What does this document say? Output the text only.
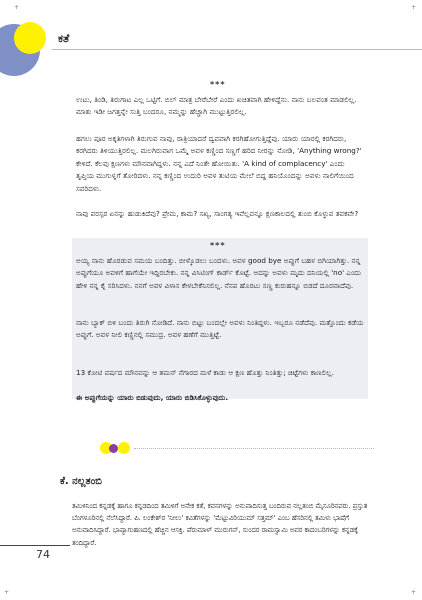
+	+
+	+
ಕತೆ
***

ಉಟು, ತಿಂಡಿ, ತಿರುಗಾಟ ಎಲ್ಲ ಒಟ್ಟಿಗೆ. ಬಿಲ್ ಮಾತ್ರ ಬೇರೆಬೇರೆ ಎಂದು ಖಚಿತವಾಗಿ ಹೇಳಿದ್ದೆನು. ನಾನು ಬಲವಂತ ಮಾಡಲಿಲ್ಲ. ಮಾತು ಇಡೀ ಜಗತ್ತನ್ನೇ ಸುತ್ತಿ ಬಂದರೂ, ನಮ್ಮನ್ನು ಹೆಚ್ಚಾಗಿ ಮುಟ್ಟುತ್ತಿರಲಿಲ್ಲ.

ಹಗಲು ಪೂರ ಅಕ್ಕತಿಗಳಾಗಿ ತಿರುಗುವ ನಾವು, ರಾತ್ರಿಯಾದರೆ ದ್ವವವಾಗಿ ಕರಗಿಹೋಗುತ್ತಿದ್ದೆವು. ಯಾರು ಯಾರಲ್ಲಿ ಕರಗಿದರು, ಕರಗಿದರು ತಿಳಿಯುತ್ತಿರಲಿಲ್ಲ. ಮಲಗಿರುವಾಗ ಒಮ್ಮೆ ಅವಳ ಕಣ್ಣಿಂದ ಸಣ್ಣಗೆ ಹರಿದ ನೀರನ್ನು ನೋಡಿ, 'Anything wrong?' ಕೇಳಿದೆ. ಕೆಲವು ಕ್ಷಣಗಳು ಮೌನವಾಗಿದ್ದಳು. ನನ್ನ ಎದೆ ನಿಂತೇ ಹೋಯಿತು. 'A kind of complacency' ಎಂದು ತೃಪ್ತಿಯ ಮುಗುಳ್ನಗೆ ತೋರಿದಳು. ನನ್ನ ಕಣ್ಣಿಂದ ಉದುರಿ ಅವಳ ತುಟಿಯ ಮೇಲೆ ಬಿದ್ದ ಹನಿಯೊಂದನ್ನು ಅವಳು ನಾಲಿಗೆಯಿಂದ ಸವರಿದಳು.

ನಾವು ಪರಸ್ಪರ ಏನನ್ನು ಹುಡುಕಿದೆವು? ಪ್ರೇಮ, ಕಾಮ? ಸಖ್ಯ, ಸಾಂಗತ್ಯ ಇವೆಲ್ಲವನ್ನೂ ಕ್ಷಣಕಾಲದಲ್ಲಿ ತುಂಬಿ ಕೊಳ್ಳುವ ತವಕವೇ?

***

ಅಯ್ಯ ನಾನು ಹೊರಡುವ ಸಮಯ ಬಂದಿತ್ತು. ಬೀಳ್ಕೊಡಲು ಬಂದಳು. ಅವಳ good bye ಅಪ್ಪುಗೆ ಬಹಳ ಬಿಗಿಯಾಗಿತ್ತು. ನನ್ನ ಅಪ್ಪುಗೆಯೂ ಅವಳಿಗೆ ಹಾಗೆಯೇ ಇದ್ದಿರಬೇಕು. ನನ್ನ ವಿಸಿಟಿಂಗ್ ಕಾರ್ಡ್ ಕೊಟ್ಟೆ. ಅದನ್ನು ಅವಳು ಮೃದು ದನಿಯಲ್ಲಿ 'no' ಎಂದು ಹೇಳಿ ನನ್ನ ಕೈ ಸರಿಸಿದಳು. ನನಗೆ ಅವಳ ವಿಳಾಸ ಕೇಳಬೇಕೆನಿಸಲಿಲ್ಲ. ನೆನಪ ಹೊರಟು ಸಣ್ಣ ಕುರುಹನ್ನೂ ಬಿಡದೆ ದೂರವಾದೆವು.

ನಾನು ಬ್ಯಾಕ್ ಬಿಳಿ ಬಂದು ತಿರುಗಿ ನೋಡಿದೆ. ನಾನು ಬಿಟ್ಟು ಬಂದಲ್ಲೇ ಅವಳು ನಿಂತಿದ್ದಳು. ಇಬ್ಬರೂ ನಡೆದೆವು. ಮತ್ತೊಂದು ಕಡೆಯ ಅಪ್ಪುಗೆ. ಅವಳ ನೀಲಿ ಕಣ್ಣಿನಲ್ಲಿ ಸಮುದ್ರ. ಅವಳ ಹಣೆಗೆ ಮುತ್ತಿಟ್ಟೆ.

13 ಕೋಟಿ ವರ್ಷದ ಮೌನವನ್ನು ಆ ತಮನ್ ನೆಗಾರದ ಮಳೆ ಕಾಡು ಆ ಕ್ಷಣ ಹೊತ್ತು ನಿಂತಿತ್ತು; ಚಿಟ್ಟೆಗಳು ಕಾಣಲಿಲ್ಲ.

ಈ ಅಪ್ಪುಗೆಯನ್ನು ಯಾರು ಬಿಡುವುದು, ಯಾರು ಬಿಡಿಸಿಕೊಳ್ಳುವುದು.

ಕೆ. ನಲ್ಲತಂಬಿ

ತಮಿಳಿನಿಂದ ಕನ್ನಡಕ್ಕೆ ಹಾಗೂ ಕನ್ನಡದಿಂದ ತಮಿಳಿಗೆ ಅನೇಕ ಕತೆ, ಕವನಗಳನ್ನು ಅನುವಾದಿಸುತ್ತ ಬಂದಿರುವ ನಲ್ಲತಂಬಿ ಮೈಸೂರಿನವರು. ಪ್ರಸ್ತುತ ಬೆಂಗಳೂರಿನಲ್ಲಿ ನೆಲೆಸಿದ್ದಾರೆ. ಪಿ. ಲಂಕೇಶ್‌ರ 'ನೀಲು' ಕವಿತೆಗಳನ್ನು 'ಮೆಟ್ಟುವಿರಿಯುಮ್ ಸತ್ತಮ್' ಎಂಬ ಹೆಸರಿನಲ್ಲಿ ತಮಿಳು ಭಾಷೆಗೆ ಅನುವಾದಿಸಿದ್ದಾರೆ. ಭಾವ್ಯಾಗುಹಣದಲ್ಲಿ ಹೆಚ್ಚಿನ ಆಸಕ್ತಿ. ಪೆರುಮಾಳ್ ಮುರುಗನ್, ಸುಂದರ ರಾಮಸ್ವಾಮಿ ಅವರ ಕಾದಂಬರಿಗಳನ್ನು ಕನ್ನಡಕ್ಕೆ ತಂದಿದ್ದಾರೆ.

74
